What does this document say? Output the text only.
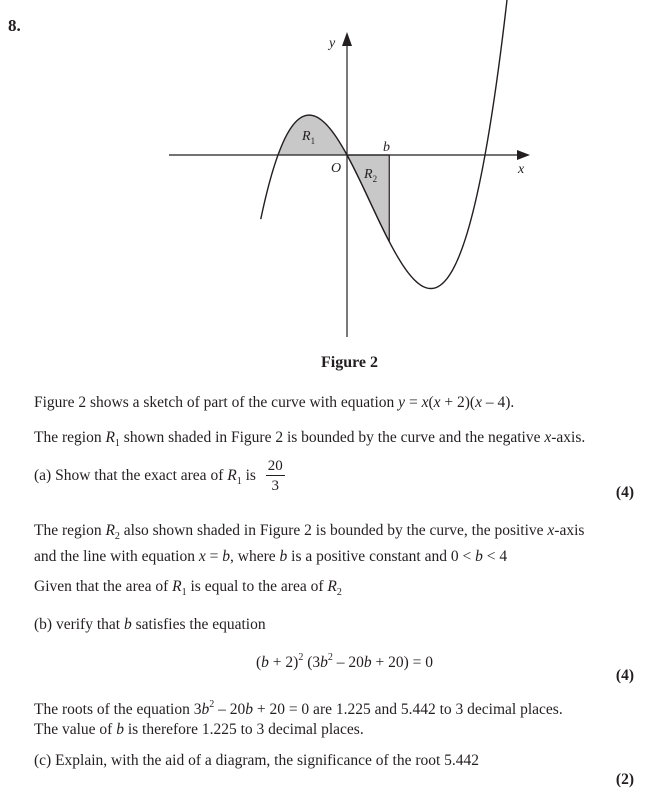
8.
y
x
O
b
$R_1$
$R_2$
Figure 2
Figure 2 shows a sketch of part of the curve with equation y = x(x + 2)(x – 4).
The region $R_1$ shown shaded in Figure 2 is bounded by the curve and the negative x-axis.
(a) Show that the exact area of $R_1$ is $\frac{20}{3}$	(4)
The region $R_2$ also shown shaded in Figure 2 is bounded by the curve, the positive x-axis
and the line with equation x = b, where b is a positive constant and 0 < b < 4
Given that the area of $R_1$ is equal to the area of $R_2$
(b) verify that b satisfies the equation
$(b + 2)^2$ $(3b^2 - 20b + 20) = 0$
(4)
The roots of the equation $3b^2 - 20b + 20 = 0$ are 1.225 and 5.442 to 3 decimal places.
The value of b is therefore 1.225 to 3 decimal places.
(c) Explain, with the aid of a diagram, the significance of the root 5.442
(2)
